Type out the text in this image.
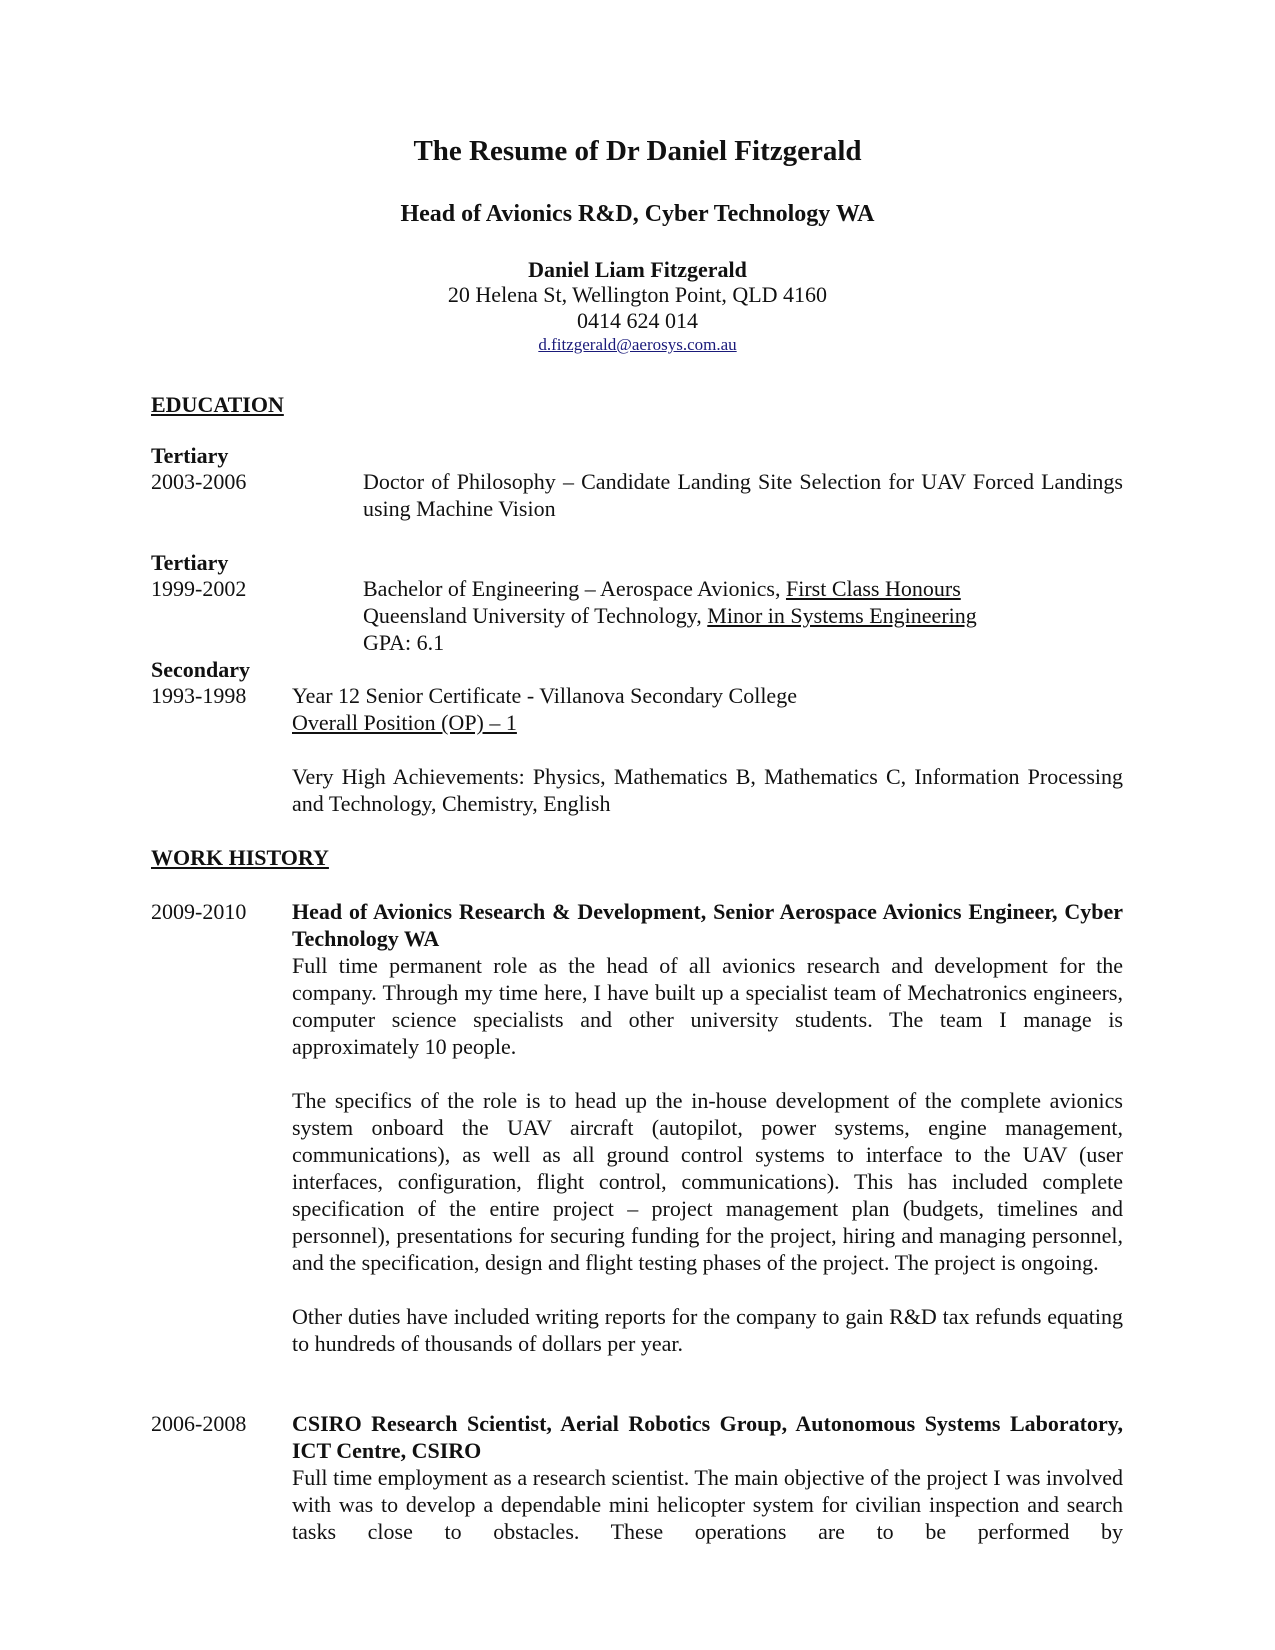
The Resume of Dr Daniel Fitzgerald
Head of Avionics R&D, Cyber Technology WA
Daniel Liam Fitzgerald
20 Helena St, Wellington Point, QLD 4160
0414 624 014
d.fitzgerald@aerosys.com.au
EDUCATION
Tertiary
2003-2006	Doctor of Philosophy – Candidate Landing Site Selection for UAV Forced Landings using Machine Vision

Tertiary
1999-2002	Bachelor of Engineering – Aerospace Avionics, First Class Honours
Queensland University of Technology, Minor in Systems Engineering
GPA: 6.1
Secondary
1993-1998 Year 12 Senior Certificate - Villanova Secondary College
Overall Position (OP) – 1

Very High Achievements: Physics, Mathematics B, Mathematics C, Information Processing and Technology, Chemistry, English

WORK HISTORY
2009-2010 Head of Avionics Research & Development, Senior Aerospace Avionics Engineer, Cyber Technology WA

Full time permanent role as the head of all avionics research and development for the company. Through my time here, I have built up a specialist team of Mechatronics engineers, computer science specialists and other university students. The team I manage is approximately 10 people.

The specifics of the role is to head up the in-house development of the complete avionics system onboard the UAV aircraft (autopilot, power systems, engine management, communications), as well as all ground control systems to interface to the UAV (user interfaces, configuration, flight control, communications). This has included complete specification of the entire project – project management plan (budgets, timelines and personnel), presentations for securing funding for the project, hiring and managing personnel, and the specification, design and flight testing phases of the project. The project is ongoing.

Other duties have included writing reports for the company to gain R&D tax refunds equating to hundreds of thousands of dollars per year.

2006-2008 CSIRO Research Scientist, Aerial Robotics Group, Autonomous Systems Laboratory, ICT Centre, CSIRO

Full time employment as a research scientist. The main objective of the project I was involved with was to develop a dependable mini helicopter system for civilian inspection and search tasks close to obstacles. These operations are to be performed by
